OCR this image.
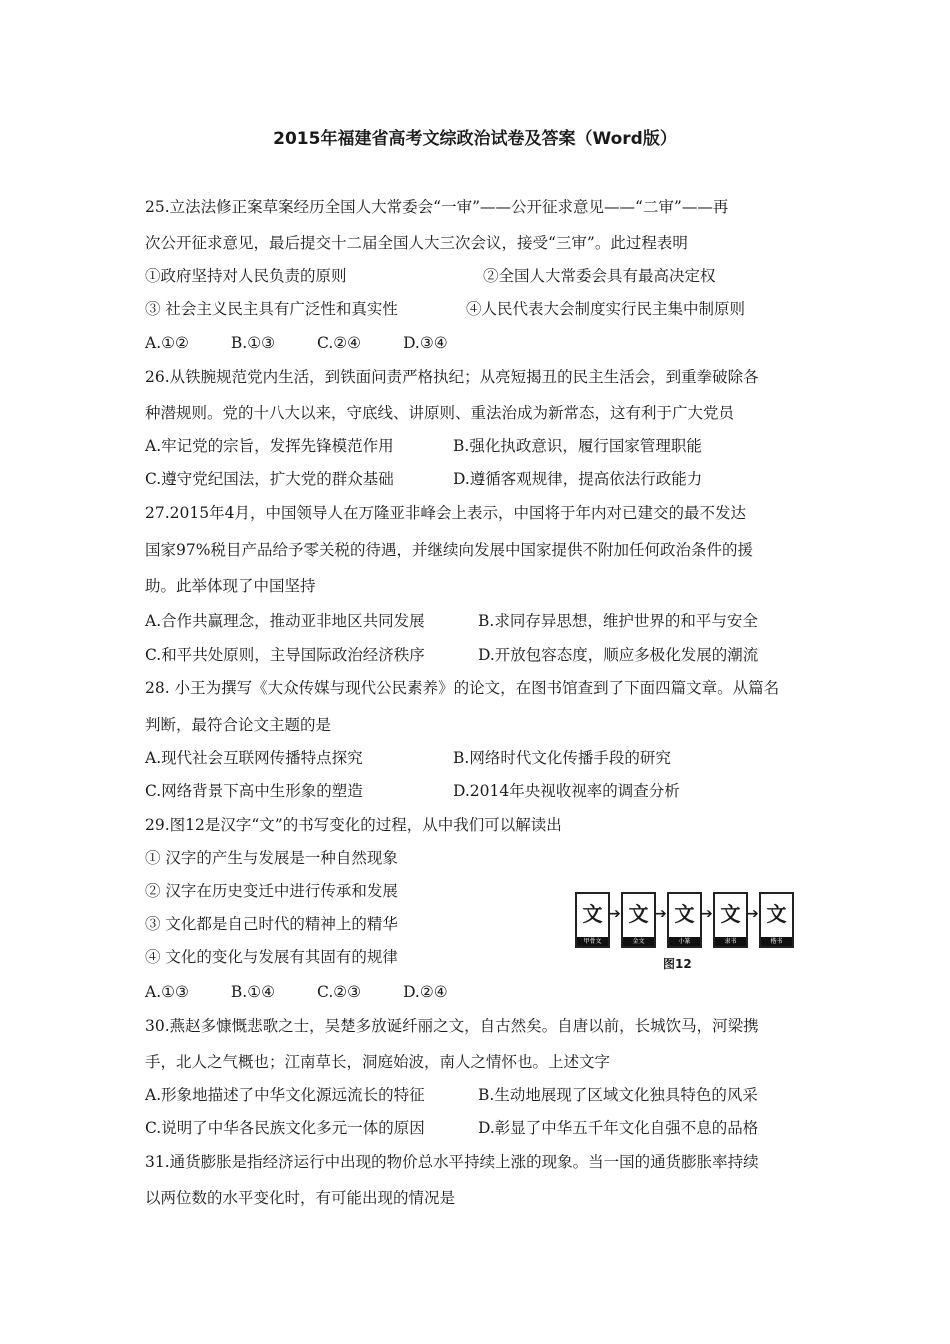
2015年福建省高考文综政治试卷及答案（Word版）
25.立法法修正案草案经历全国人大常委会“一审”——公开征求意见——“二审”——再
次公开征求意见，最后提交十二届全国人大三次会议，接受“三审”。此过程表明
①政府坚持对人民负责的原则	②全国人大常委会具有最高决定权
③ 社会主义民主具有广泛性和真实性	④人民代表大会制度实行民主集中制原则
A.①②	B.①③	C.②④	D.③④
26.从铁腕规范党内生活，到铁面问责严格执纪；从亮短揭丑的民主生活会，到重拳破除各
种潜规则。党的十八大以来，守底线、讲原则、重法治成为新常态，这有利于广大党员
A.牢记党的宗旨，发挥先锋模范作用	B.强化执政意识，履行国家管理职能
C.遵守党纪国法，扩大党的群众基础	D.遵循客观规律，提高依法行政能力
27.2015年4月，中国领导人在万隆亚非峰会上表示，中国将于年内对已建交的最不发达
国家97%税目产品给予零关税的待遇，并继续向发展中国家提供不附加任何政治条件的援
助。此举体现了中国坚持
A.合作共赢理念，推动亚非地区共同发展	B.求同存异思想，维护世界的和平与安全
C.和平共处原则，主导国际政治经济秩序	D.开放包容态度，顺应多极化发展的潮流
28. 小王为撰写《大众传媒与现代公民素养》的论文，在图书馆查到了下面四篇文章。从篇名
判断，最符合论文主题的是
A.现代社会互联网传播特点探究	B.网络时代文化传播手段的研究
C.网络背景下高中生形象的塑造	D.2014年央视收视率的调查分析
29.图12是汉字“文”的书写变化的过程，从中我们可以解读出
① 汉字的产生与发展是一种自然现象
② 汉字在历史变迁中进行传承和发展
③ 文化都是自己时代的精神上的精华
④ 文化的变化与发展有其固有的规律
A.①③	B.①④	C.②③	D.②④
文
甲骨文
➔ 文
金文
➔ 文
小篆
➔ 文
隶书
➔ 文
楷书
图12
30.燕赵多慷慨悲歌之士，吴楚多放诞纤丽之文，自古然矣。自唐以前，长城饮马，河梁携
手，北人之气概也；江南草长，洞庭始波，南人之情怀也。上述文字
A.形象地描述了中华文化源远流长的特征	B.生动地展现了区域文化独具特色的风采
C.说明了中华各民族文化多元一体的原因	D.彰显了中华五千年文化自强不息的品格
31.通货膨胀是指经济运行中出现的物价总水平持续上涨的现象。当一国的通货膨胀率持续
以两位数的水平变化时，有可能出现的情况是
